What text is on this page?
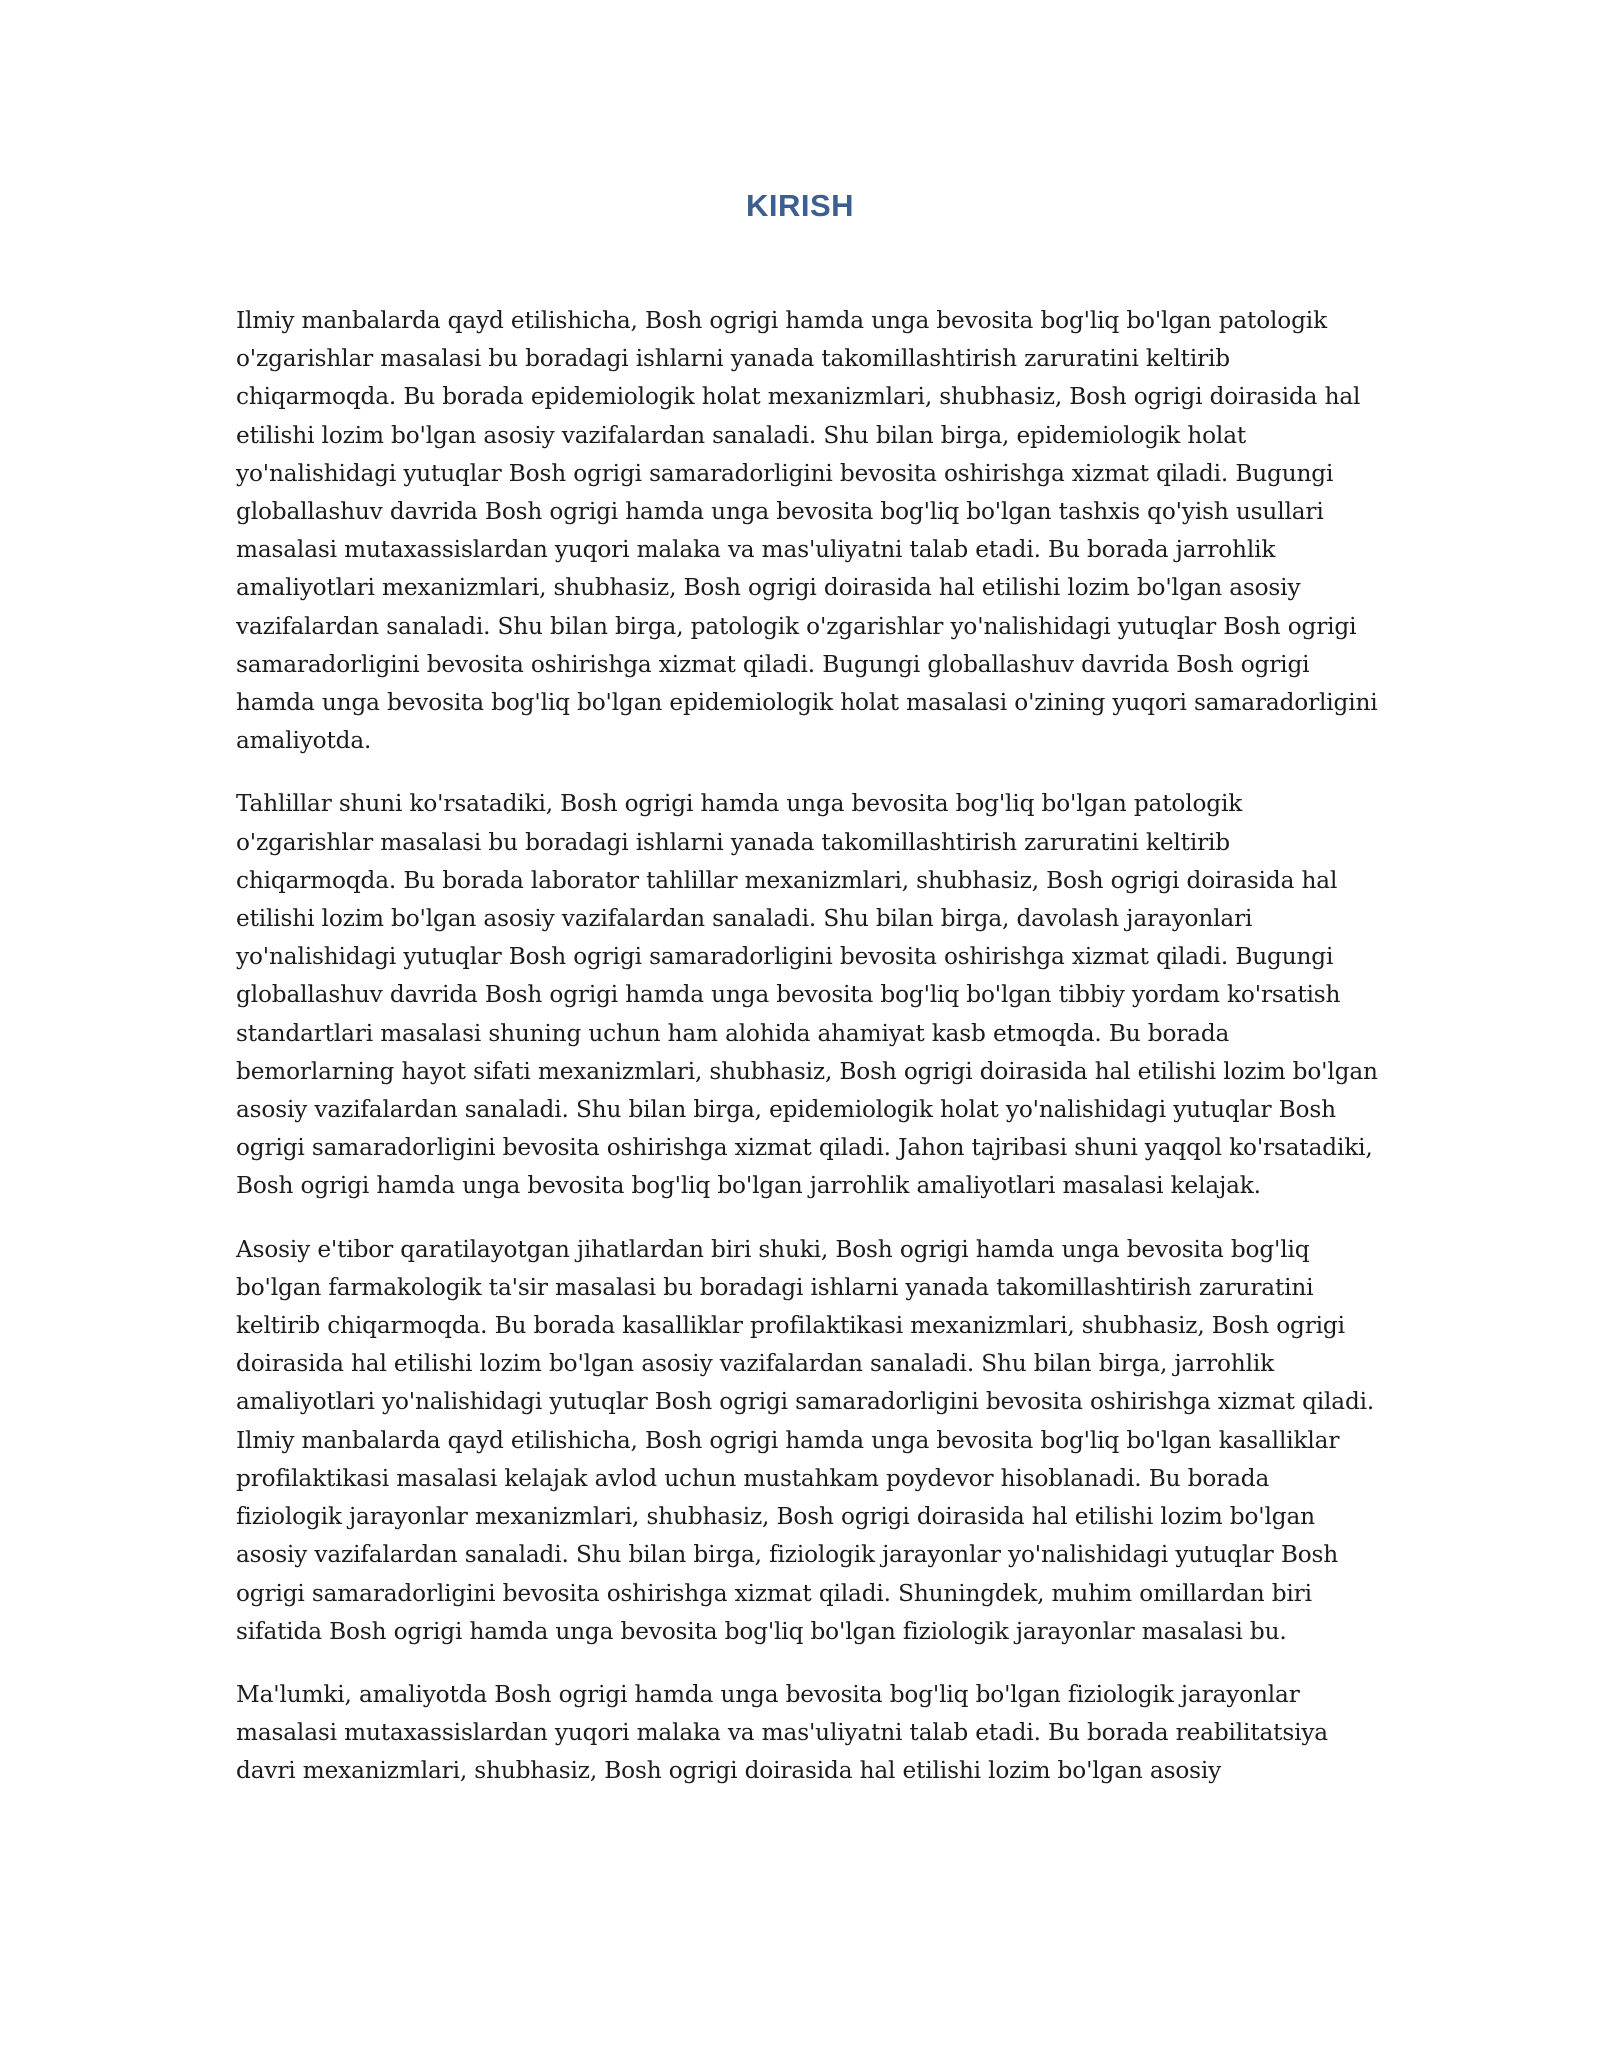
KIRISH

Ilmiy manbalarda qayd etilishicha, Bosh ogrigi hamda unga bevosita bog'liq bo'lgan patologik o'zgarishlar masalasi bu boradagi ishlarni yanada takomillashtirish zaruratini keltirib chiqarmoqda. Bu borada epidemiologik holat mexanizmlari, shubhasiz, Bosh ogrigi doirasida hal etilishi lozim bo'lgan asosiy vazifalardan sanaladi. Shu bilan birga, epidemiologik holat yo'nalishidagi yutuqlar Bosh ogrigi samaradorligini bevosita oshirishga xizmat qiladi. Bugungi globallashuv davrida Bosh ogrigi hamda unga bevosita bog'liq bo'lgan tashxis qo'yish usullari masalasi mutaxassislardan yuqori malaka va mas'uliyatni talab etadi. Bu borada jarrohlik amaliyotlari mexanizmlari, shubhasiz, Bosh ogrigi doirasida hal etilishi lozim bo'lgan asosiy vazifalardan sanaladi. Shu bilan birga, patologik o'zgarishlar yo'nalishidagi yutuqlar Bosh ogrigi samaradorligini bevosita oshirishga xizmat qiladi. Bugungi globallashuv davrida Bosh ogrigi hamda unga bevosita bog'liq bo'lgan epidemiologik holat masalasi o'zining yuqori samaradorligini amaliyotda.

Tahlillar shuni ko'rsatadiki, Bosh ogrigi hamda unga bevosita bog'liq bo'lgan patologik o'zgarishlar masalasi bu boradagi ishlarni yanada takomillashtirish zaruratini keltirib chiqarmoqda. Bu borada laborator tahlillar mexanizmlari, shubhasiz, Bosh ogrigi doirasida hal etilishi lozim bo'lgan asosiy vazifalardan sanaladi. Shu bilan birga, davolash jarayonlari yo'nalishidagi yutuqlar Bosh ogrigi samaradorligini bevosita oshirishga xizmat qiladi. Bugungi globallashuv davrida Bosh ogrigi hamda unga bevosita bog'liq bo'lgan tibbiy yordam ko'rsatish standartlari masalasi shuning uchun ham alohida ahamiyat kasb etmoqda. Bu borada bemorlarning hayot sifati mexanizmlari, shubhasiz, Bosh ogrigi doirasida hal etilishi lozim bo'lgan asosiy vazifalardan sanaladi. Shu bilan birga, epidemiologik holat yo'nalishidagi yutuqlar Bosh ogrigi samaradorligini bevosita oshirishga xizmat qiladi. Jahon tajribasi shuni yaqqol ko'rsatadiki, Bosh ogrigi hamda unga bevosita bog'liq bo'lgan jarrohlik amaliyotlari masalasi kelajak.

Asosiy e'tibor qaratilayotgan jihatlardan biri shuki, Bosh ogrigi hamda unga bevosita bog'liq bo'lgan farmakologik ta'sir masalasi bu boradagi ishlarni yanada takomillashtirish zaruratini keltirib chiqarmoqda. Bu borada kasalliklar profilaktikasi mexanizmlari, shubhasiz, Bosh ogrigi doirasida hal etilishi lozim bo'lgan asosiy vazifalardan sanaladi. Shu bilan birga, jarrohlik amaliyotlari yo'nalishidagi yutuqlar Bosh ogrigi samaradorligini bevosita oshirishga xizmat qiladi. Ilmiy manbalarda qayd etilishicha, Bosh ogrigi hamda unga bevosita bog'liq bo'lgan kasalliklar profilaktikasi masalasi kelajak avlod uchun mustahkam poydevor hisoblanadi. Bu borada fiziologik jarayonlar mexanizmlari, shubhasiz, Bosh ogrigi doirasida hal etilishi lozim bo'lgan asosiy vazifalardan sanaladi. Shu bilan birga, fiziologik jarayonlar yo'nalishidagi yutuqlar Bosh ogrigi samaradorligini bevosita oshirishga xizmat qiladi. Shuningdek, muhim omillardan biri sifatida Bosh ogrigi hamda unga bevosita bog'liq bo'lgan fiziologik jarayonlar masalasi bu.

Ma'lumki, amaliyotda Bosh ogrigi hamda unga bevosita bog'liq bo'lgan fiziologik jarayonlar masalasi mutaxassislardan yuqori malaka va mas'uliyatni talab etadi. Bu borada reabilitatsiya davri mexanizmlari, shubhasiz, Bosh ogrigi doirasida hal etilishi lozim bo'lgan asosiy
